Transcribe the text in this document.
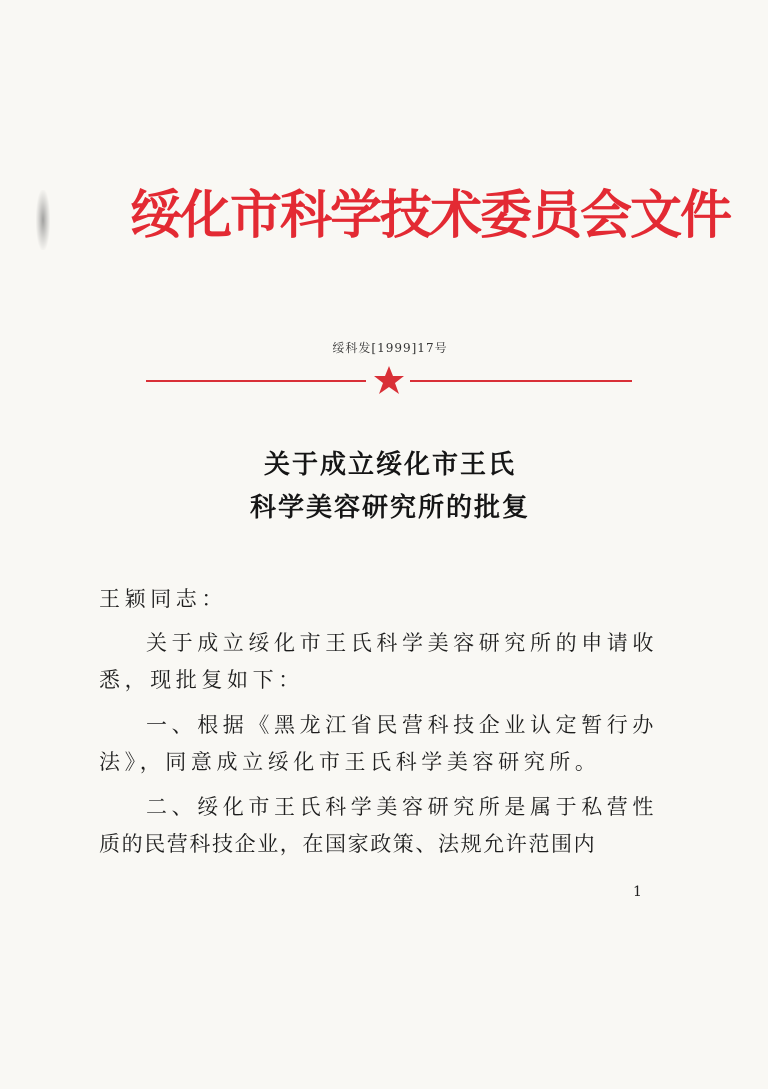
绥化市科学技术委员会文件
绥科发[1999]17号
关于成立绥化市王氏
科学美容研究所的批复
王颖同志：
关于成立绥化市王氏科学美容研究所的申请收
悉，现批复如下：
一、根据《黑龙江省民营科技企业认定暂行办
法》，同意成立绥化市王氏科学美容研究所。
二、绥化市王氏科学美容研究所是属于私营性
质的民营科技企业，在国家政策、法规允许范围内
1
